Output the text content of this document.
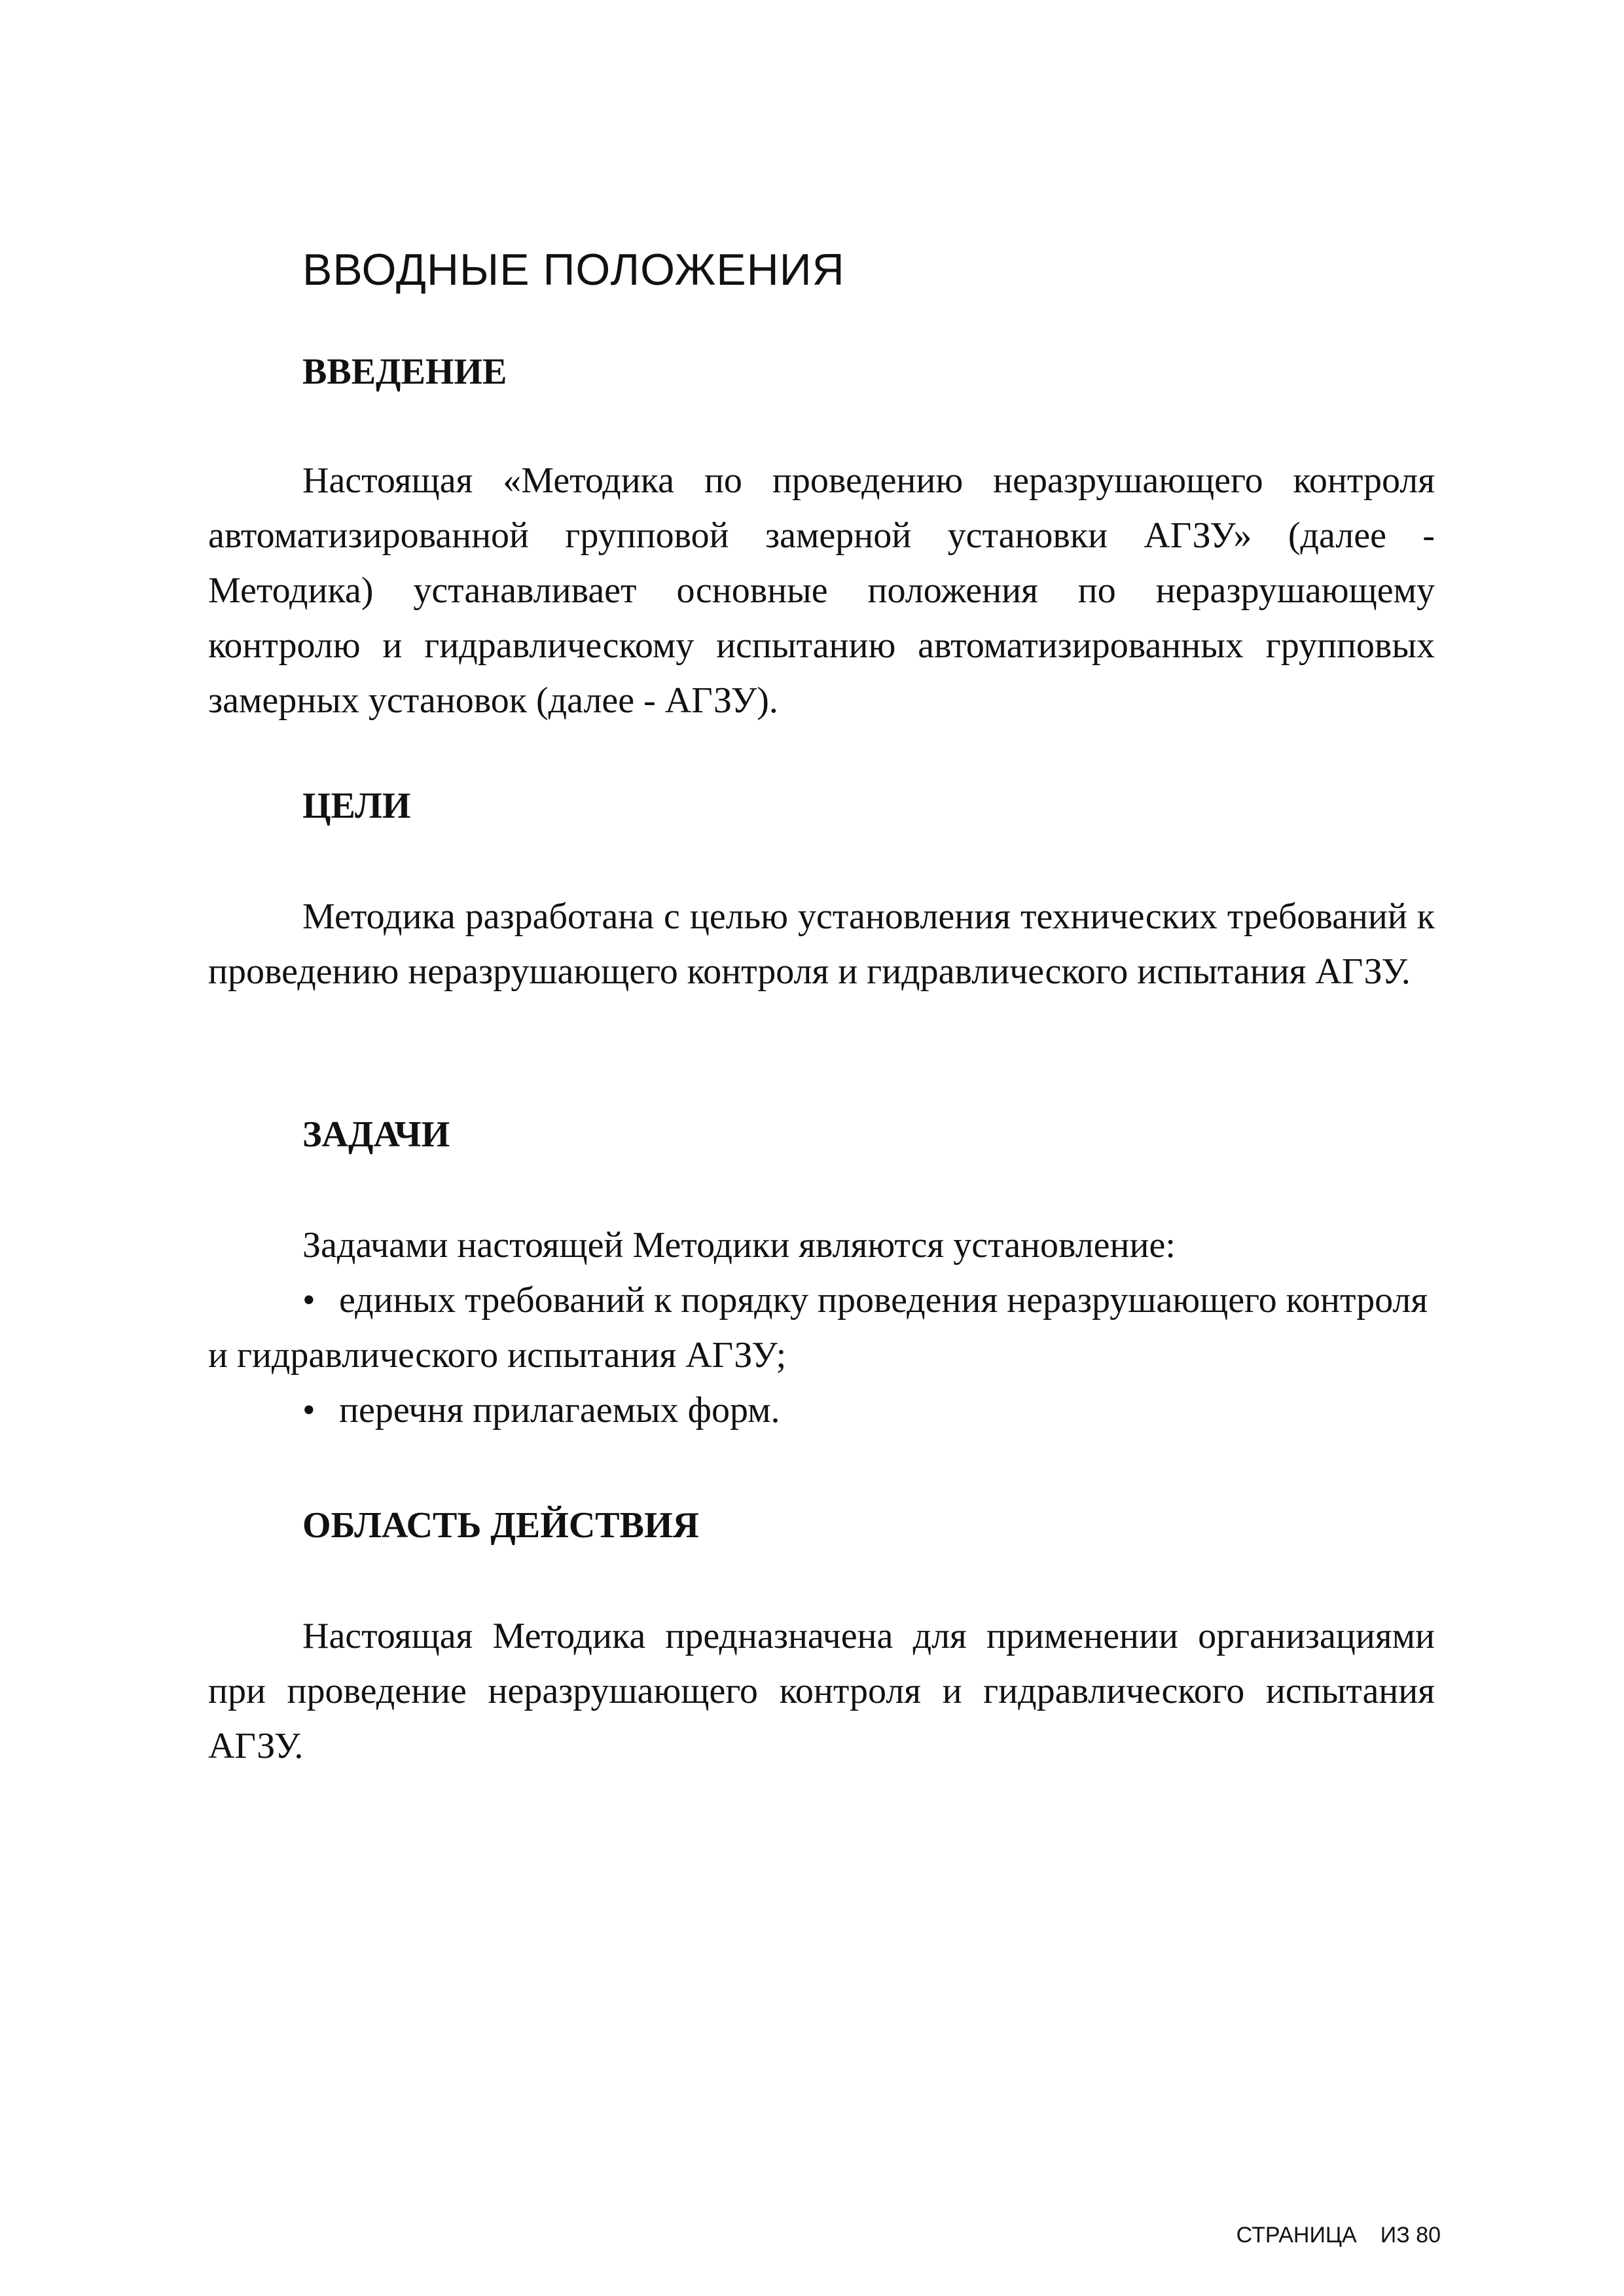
ВВОДНЫЕ ПОЛОЖЕНИЯ
ВВЕДЕНИЕ

Настоящая «Методика по проведению неразрушающего контроля автоматизированной групповой замерной установки АГЗУ» (далее - Методика) устанавливает основные положения по неразрушающему контролю и гидравлическому испытанию автоматизированных групповых замерных установок (далее - АГЗУ).

ЦЕЛИ

Методика разработана с целью установления технических требований к проведению неразрушающего контроля и гидравлического испытания АГЗУ.

ЗАДАЧИ

Задачами настоящей Методики являются установление:

• единых требований к порядку проведения неразрушающего контроля и гидравлического испытания АГЗУ;
• перечня прилагаемых форм.
ОБЛАСТЬ ДЕЙСТВИЯ

Настоящая Методика предназначена для применении организациями при проведение неразрушающего контроля и гидравлического испытания АГЗУ.

СТРАНИЦА ИЗ 80
